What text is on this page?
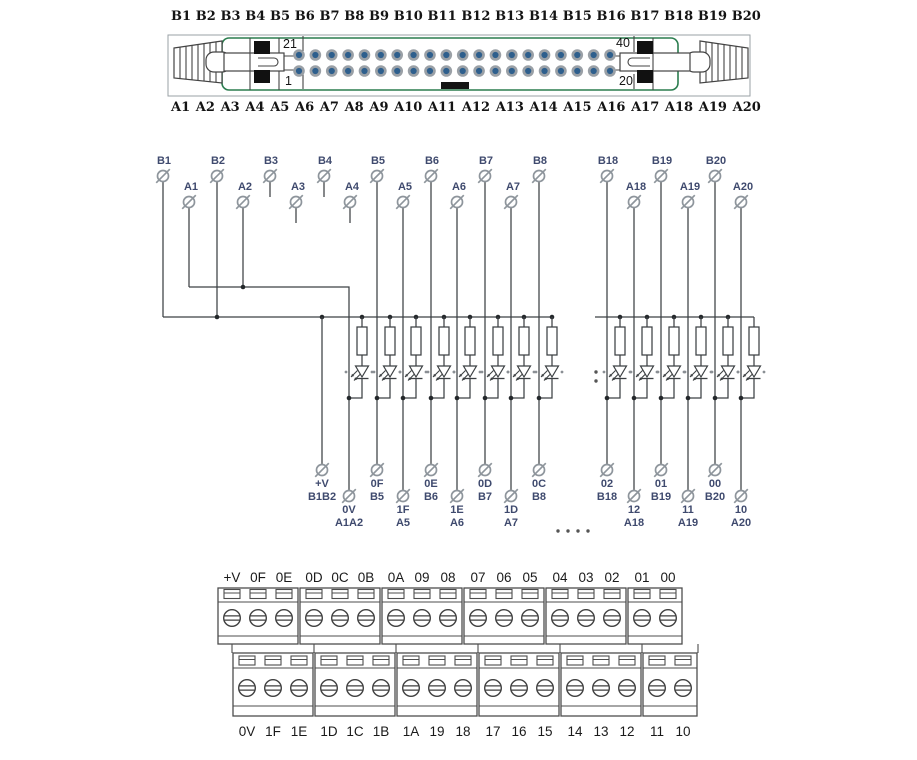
B1	B2	B3	B4	B5	B6	B7	B8	B18	B19	B20
A1	A2	A3	A4	A5	A6	A7	A18	A19	A20
+V
B1B2
0F
B5
0E
B6
0D
B7
0C
B8
02
B18
01
B19
00
B20
0V
A1A2
1F
A5
1E
A6
1D
A7
12
A18
11
A19
10
A20
+V 0F 0E 0D 0C 0B 0A 09 08 07 06 05 04 03 02 01 00
0V 1F 1E 1D 1C 1B 1A 19 18 17 16 15 14 13 12 11 10
B1 B2 B3 B4 B5 B6 B7 B8 B9 B10 B11 B12 B13 B14 B15 B16 B17 B18 B19 B20
A1 A2 A3 A4 A5 A6 A7 A8 A9 A10 A11 A12 A13 A14 A15 A16 A17 A18 A19 A20
21
1
40
20
